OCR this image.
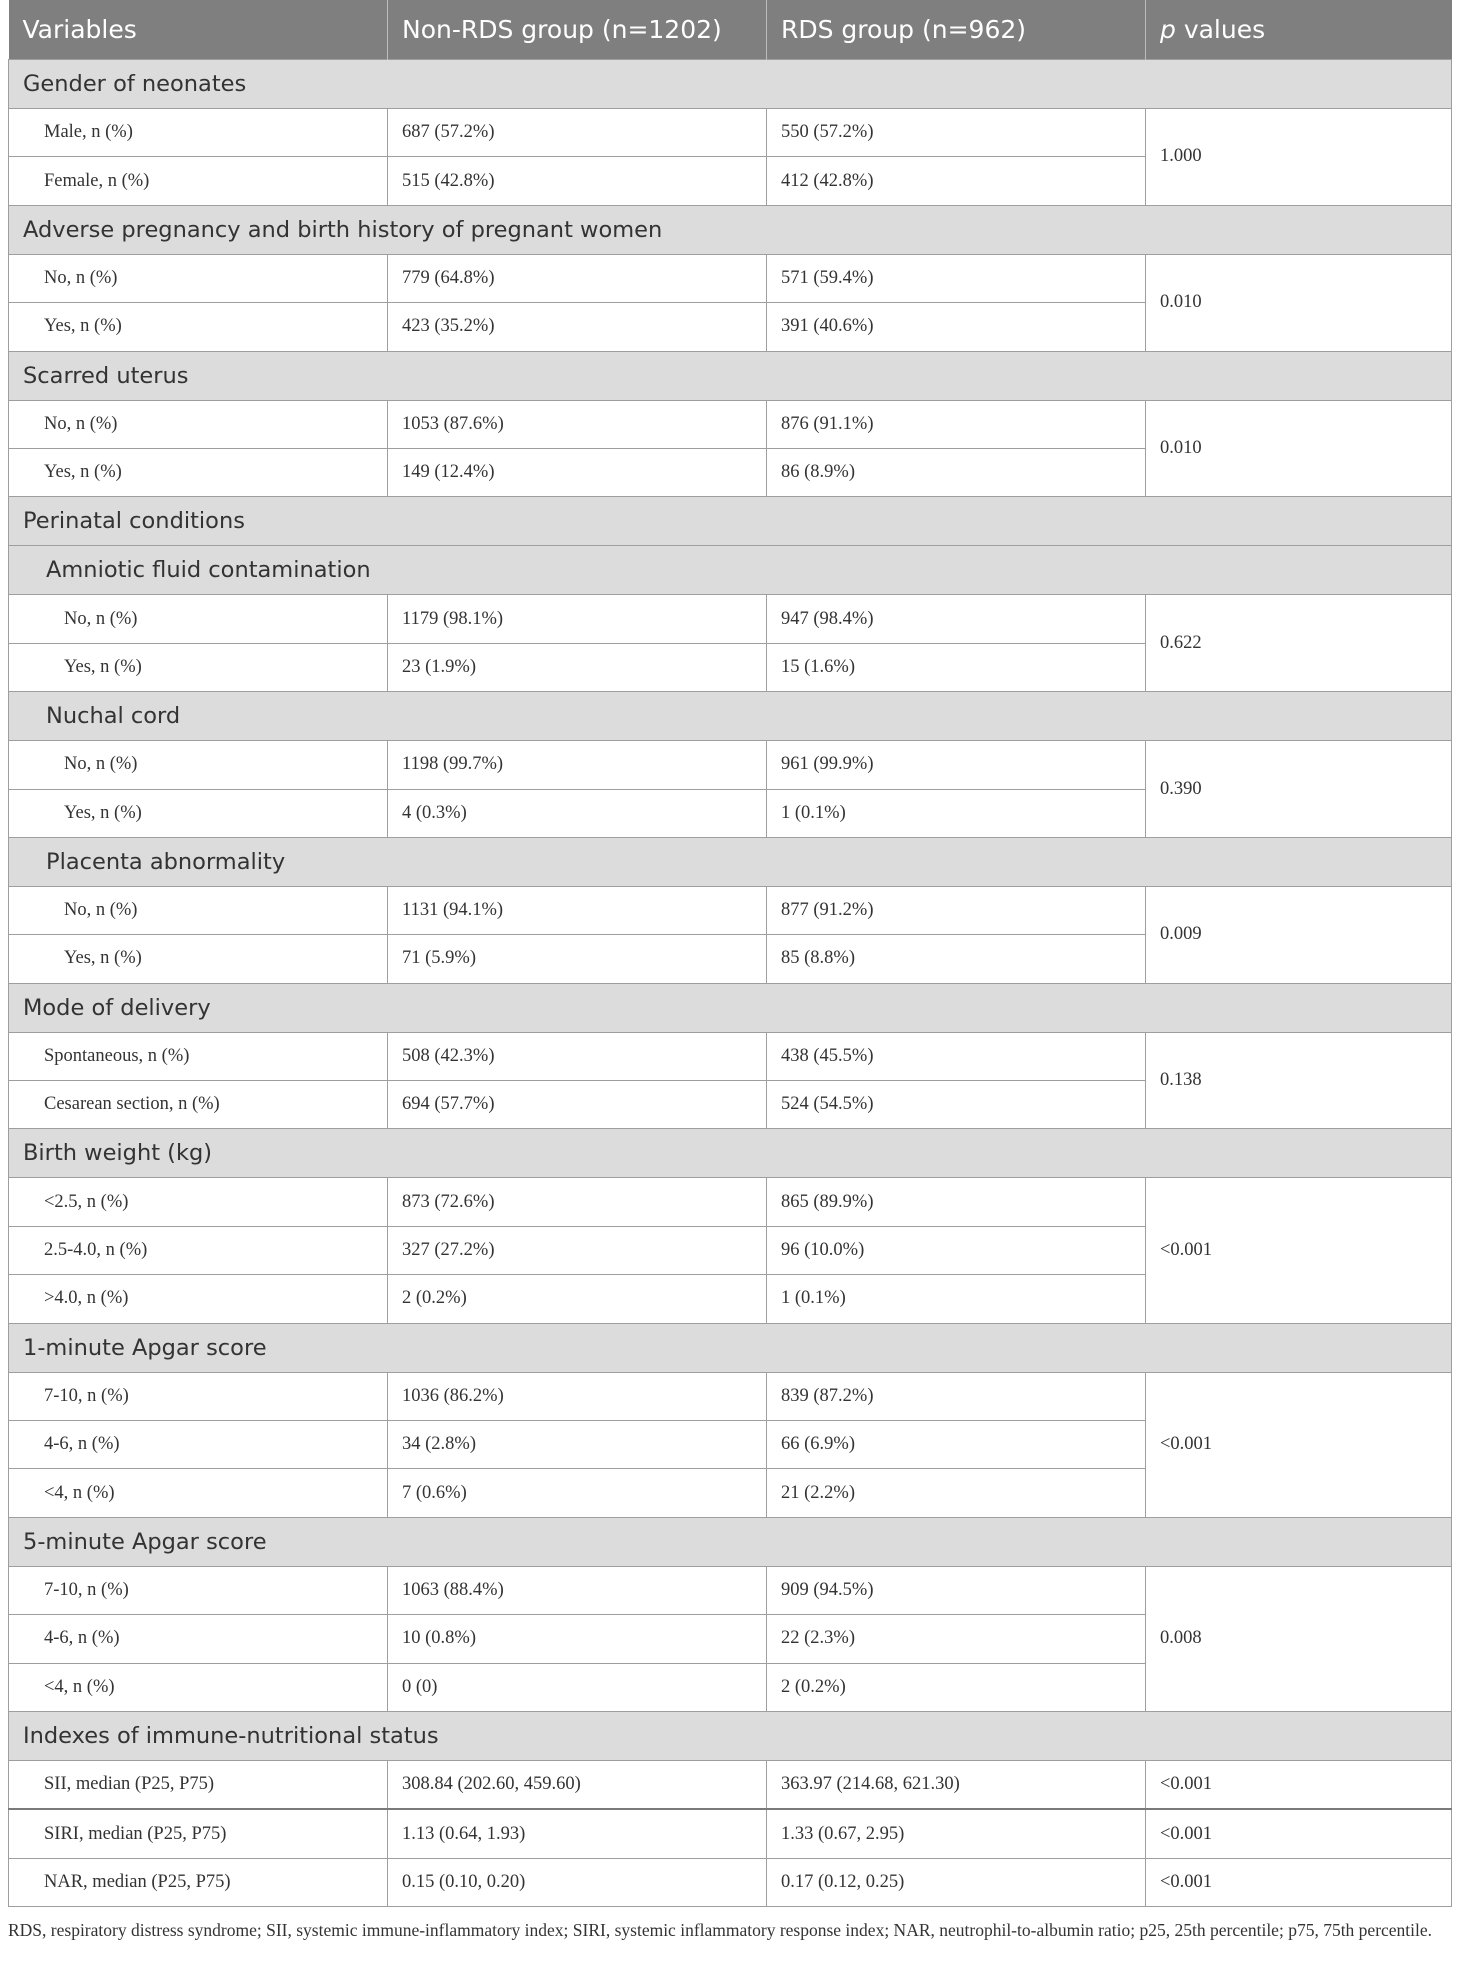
Variables	Non-RDS group (n=1202)	RDS group (n=962)	p values
Gender of neonates			
Male, n (%)	687 (57.2%)	550 (57.2%)	1.000
Female, n (%)	515 (42.8%)	412 (42.8%)	
Adverse pregnancy and birth history of pregnant women			
No, n (%)	779 (64.8%)	571 (59.4%)	0.010
Yes, n (%)	423 (35.2%)	391 (40.6%)	
Scarred uterus			
No, n (%)	1053 (87.6%)	876 (91.1%)	0.010
Yes, n (%)	149 (12.4%)	86 (8.9%)	
Perinatal conditions			
Amniotic fluid contamination			
No, n (%)	1179 (98.1%)	947 (98.4%)	0.622
Yes, n (%)	23 (1.9%)	15 (1.6%)	
Nuchal cord			
No, n (%)	1198 (99.7%)	961 (99.9%)	0.390
Yes, n (%)	4 (0.3%)	1 (0.1%)	
Placenta abnormality			
No, n (%)	1131 (94.1%)	877 (91.2%)	0.009
Yes, n (%)	71 (5.9%)	85 (8.8%)	
Mode of delivery			
Spontaneous, n (%)	508 (42.3%)	438 (45.5%)	0.138
Cesarean section, n (%)	694 (57.7%)	524 (54.5%)	
Birth weight (kg)			
<2.5, n (%)	873 (72.6%)	865 (89.9%)	<0.001
2.5-4.0, n (%)	327 (27.2%)	96 (10.0%)	
>4.0, n (%)	2 (0.2%)	1 (0.1%)	
1-minute Apgar score			
7-10, n (%)	1036 (86.2%)	839 (87.2%)	<0.001
4-6, n (%)	34 (2.8%)	66 (6.9%)	
<4, n (%)	7 (0.6%)	21 (2.2%)	
5-minute Apgar score			
7-10, n (%)	1063 (88.4%)	909 (94.5%)	0.008
4-6, n (%)	10 (0.8%)	22 (2.3%)	
<4, n (%)	0 (0)	2 (0.2%)	
Indexes of immune-nutritional status			
SII, median (P25, P75)	308.84 (202.60, 459.60)	363.97 (214.68, 621.30)	<0.001
SIRI, median (P25, P75)	1.13 (0.64, 1.93)	1.33 (0.67, 2.95)	<0.001
NAR, median (P25, P75)	0.15 (0.10, 0.20)	0.17 (0.12, 0.25)	<0.001
RDS, respiratory distress syndrome; SII, systemic immune-inflammatory index; SIRI, systemic inflammatory response index; NAR, neutrophil-to-albumin ratio; p25, 25th percentile; p75, 75th percentile.
